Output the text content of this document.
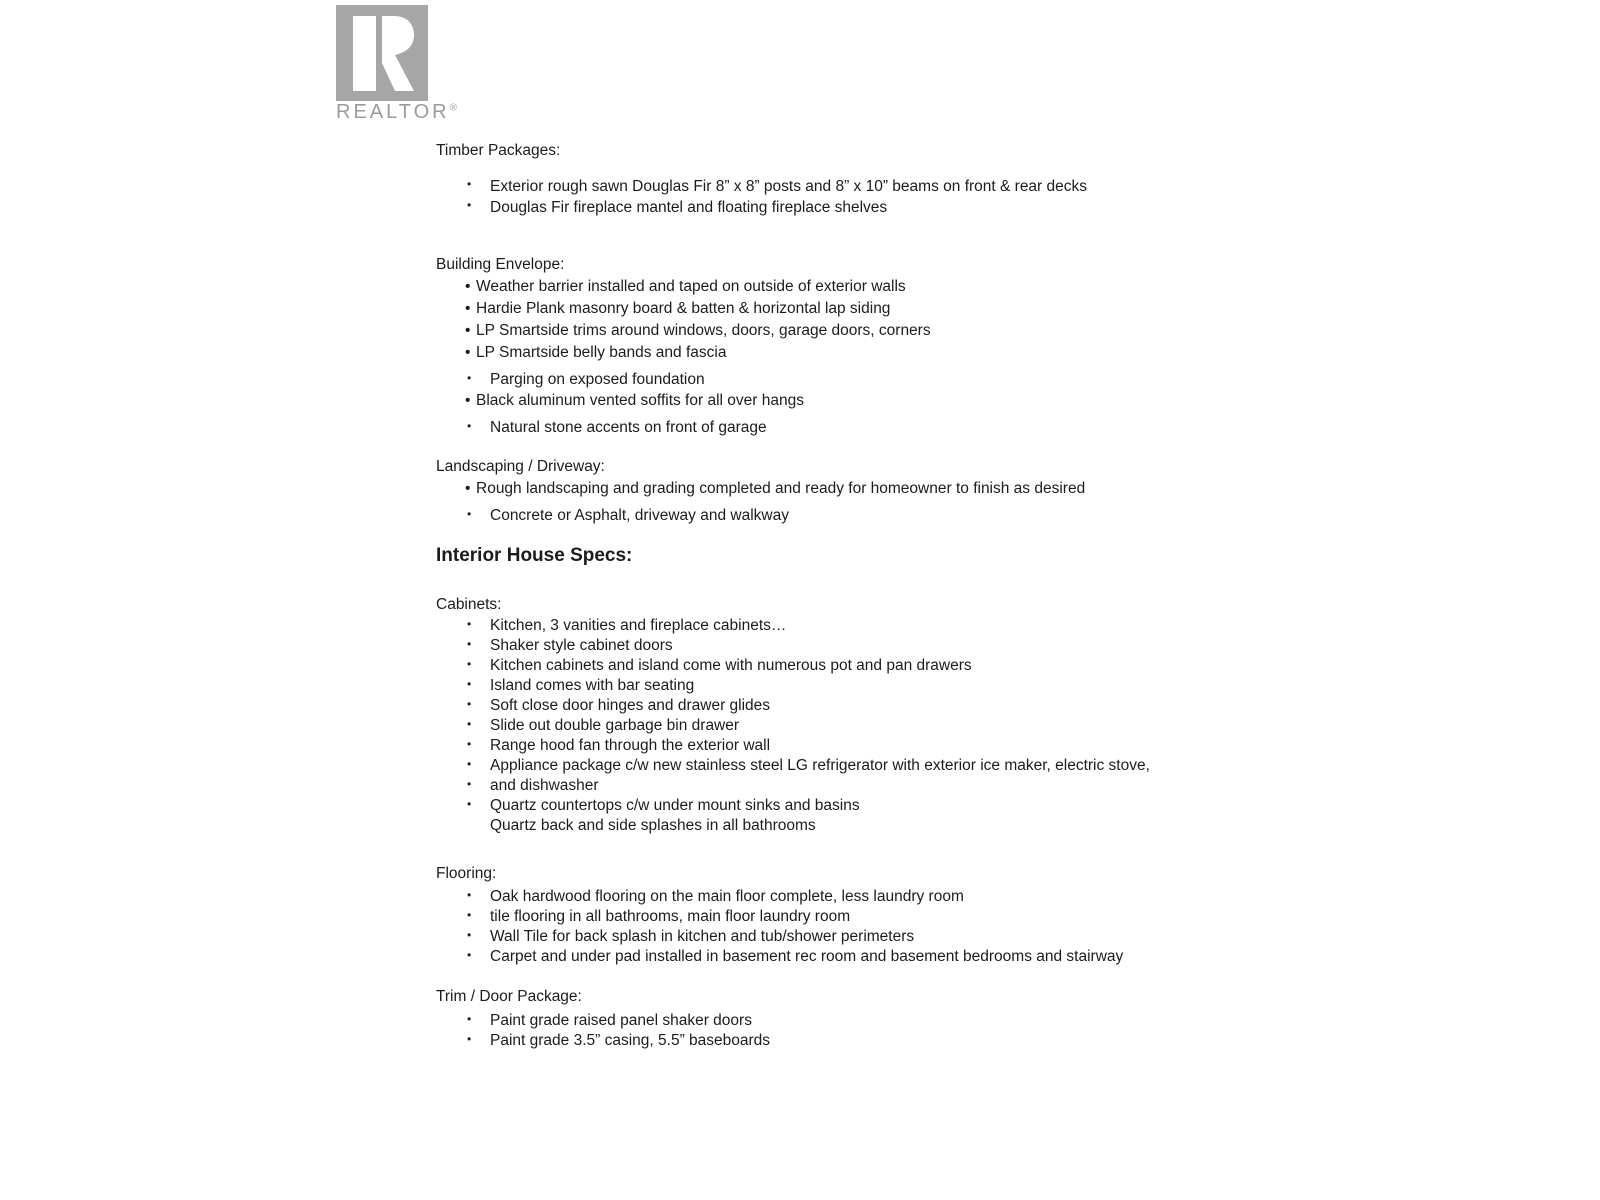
REALTOR®
Timber Packages:
• Exterior rough sawn Douglas Fir 8” x 8” posts and 8” x 10” beams on front & rear decks
• Douglas Fir fireplace mantel and floating fireplace shelves
Building Envelope:
• Weather barrier installed and taped on outside of exterior walls
• Hardie Plank masonry board & batten & horizontal lap siding
• LP Smartside trims around windows, doors, garage doors, corners
• LP Smartside belly bands and fascia
• Parging on exposed foundation
• Black aluminum vented soffits for all over hangs
• Natural stone accents on front of garage
Landscaping / Driveway:
• Rough landscaping and grading completed and ready for homeowner to finish as desired
• Concrete or Asphalt, driveway and walkway
Interior House Specs:
Cabinets:
• Kitchen, 3 vanities and fireplace cabinets…
• Shaker style cabinet doors
• Kitchen cabinets and island come with numerous pot and pan drawers
• Island comes with bar seating
• Soft close door hinges and drawer glides
• Slide out double garbage bin drawer
• Range hood fan through the exterior wall
• Appliance package c/w new stainless steel LG refrigerator with exterior ice maker, electric stove,
• and dishwasher
• Quartz countertops c/w under mount sinks and basins
Quartz back and side splashes in all bathrooms
Flooring:
• Oak hardwood flooring on the main floor complete, less laundry room
• tile flooring in all bathrooms, main floor laundry room
• Wall Tile for back splash in kitchen and tub/shower perimeters
• Carpet and under pad installed in basement rec room and basement bedrooms and stairway
Trim / Door Package:
• Paint grade raised panel shaker doors
• Paint grade 3.5” casing, 5.5” baseboards
